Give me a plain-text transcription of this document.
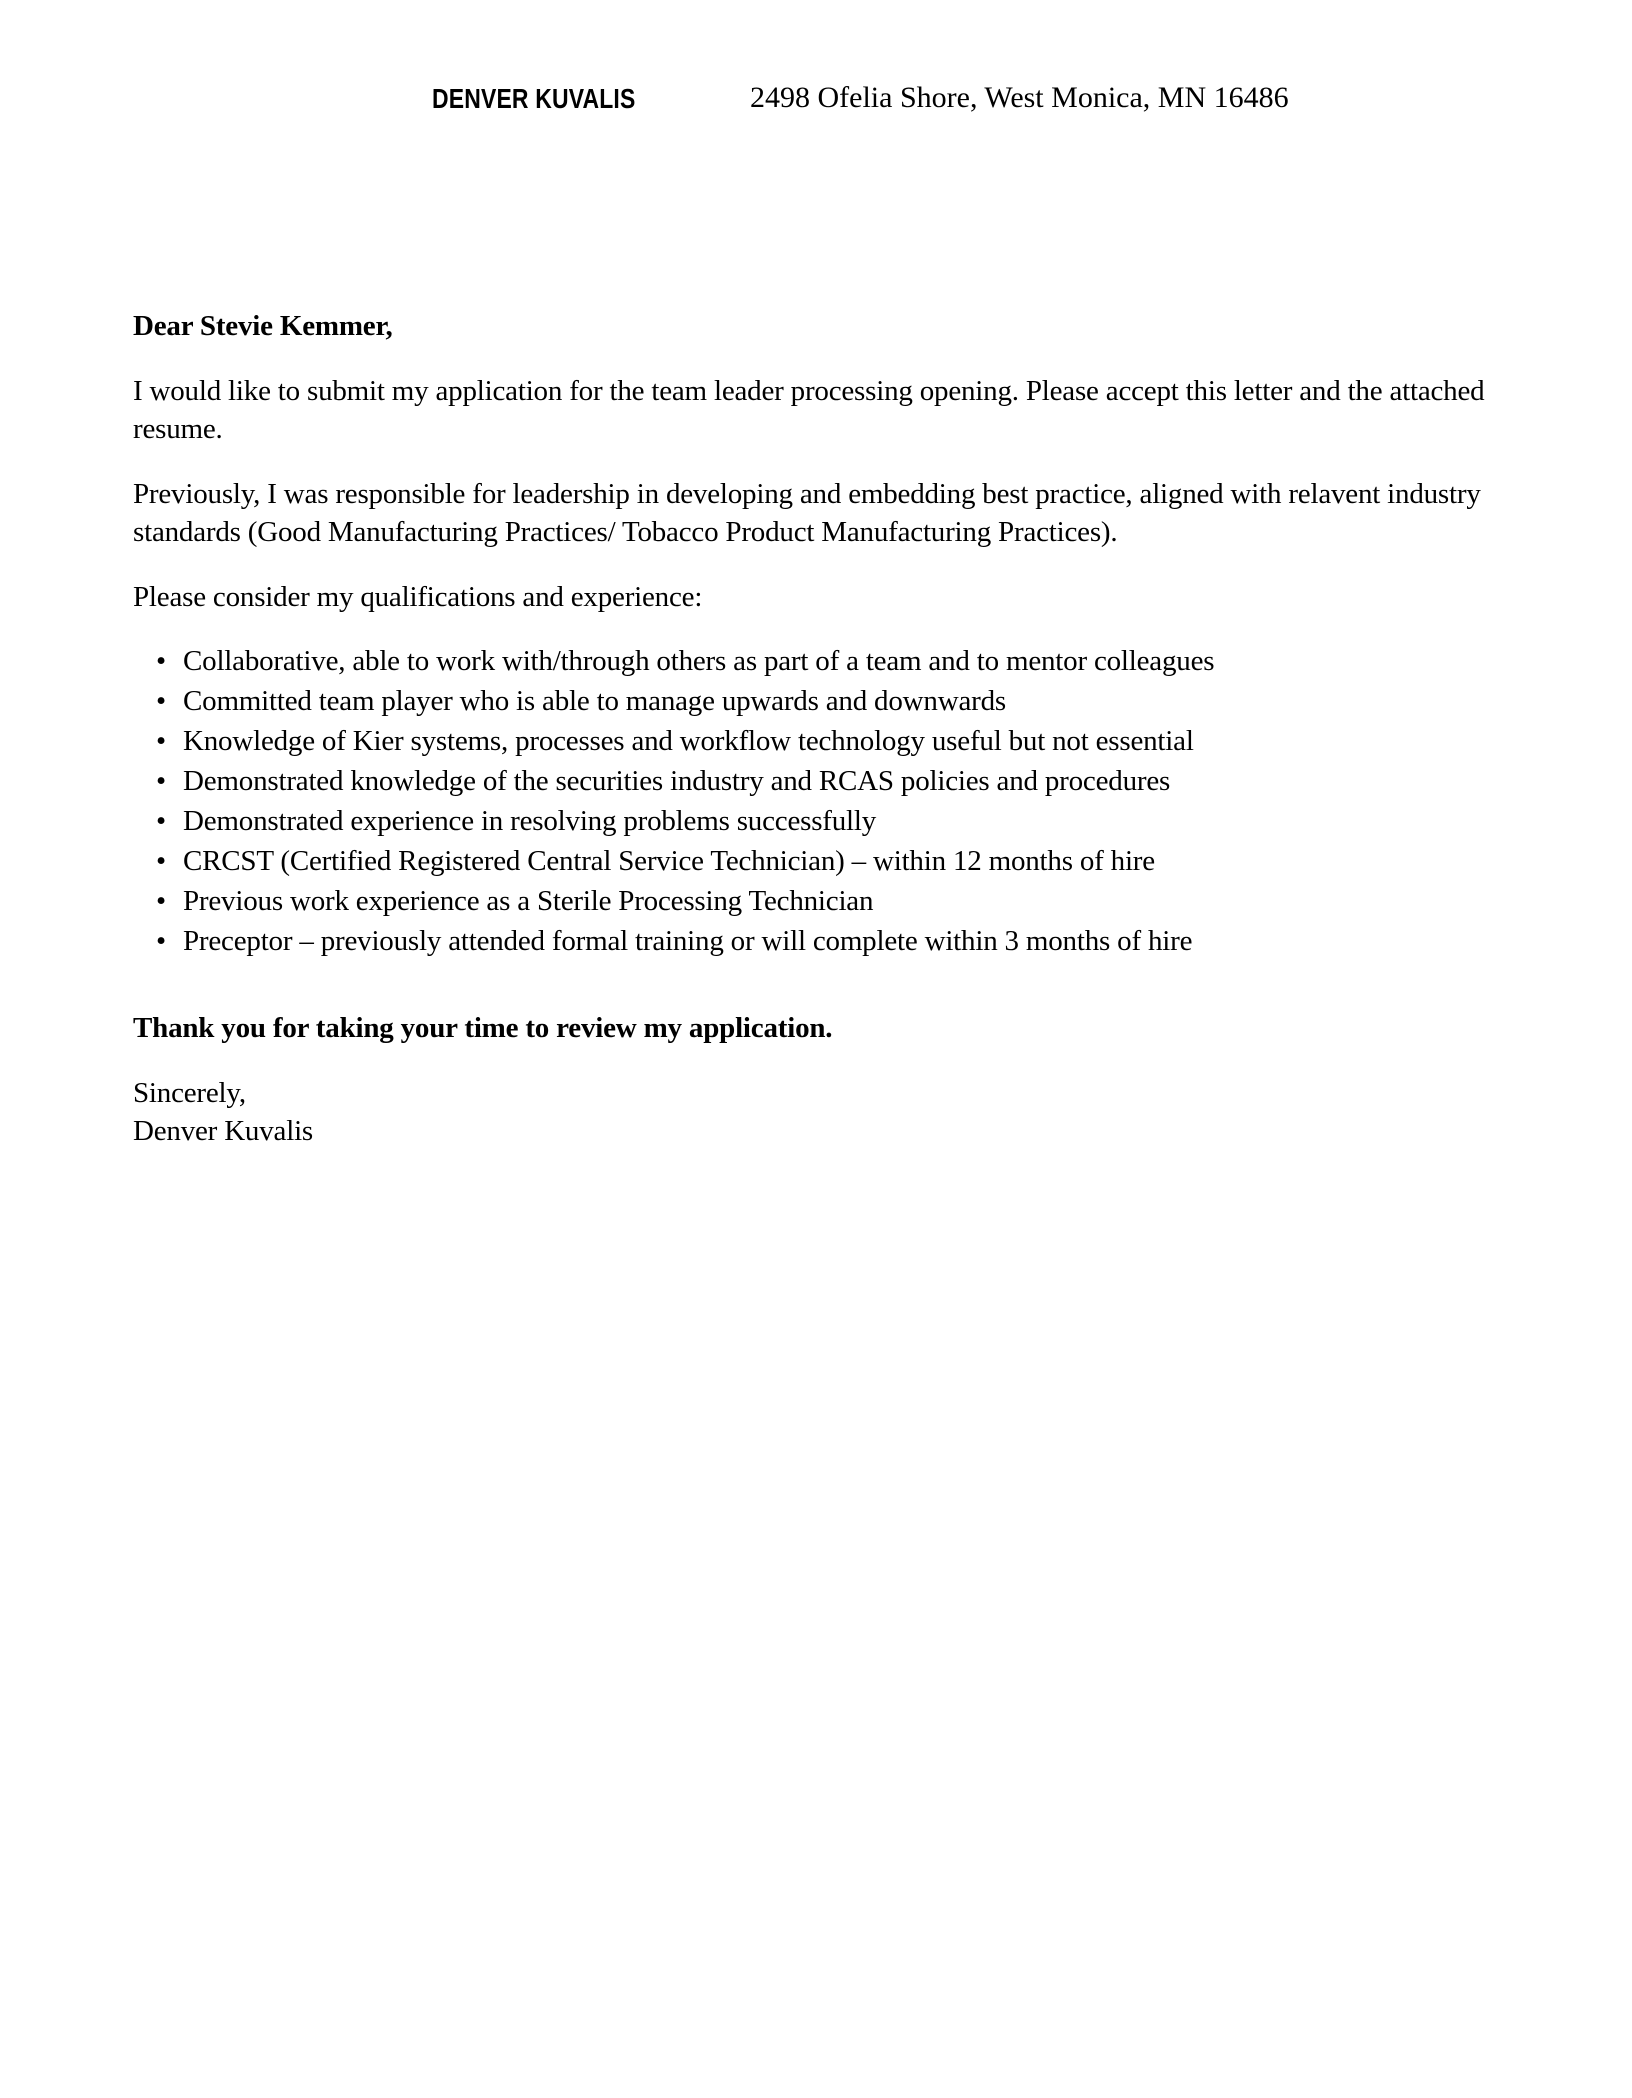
DENVER KUVALIS	2498 Ofelia Shore, West Monica, MN 16486

Dear Stevie Kemmer,

I would like to submit my application for the team leader processing opening. Please accept this letter and the attached resume.

Previously, I was responsible for leadership in developing and embedding best practice, aligned with relavent industry standards (Good Manufacturing Practices/ Tobacco Product Manufacturing Practices).

Please consider my qualifications and experience:

• Collaborative, able to work with/through others as part of a team and to mentor colleagues
• Committed team player who is able to manage upwards and downwards
• Knowledge of Kier systems, processes and workflow technology useful but not essential
• Demonstrated knowledge of the securities industry and RCAS policies and procedures
• Demonstrated experience in resolving problems successfully
• CRCST (Certified Registered Central Service Technician) – within 12 months of hire
• Previous work experience as a Sterile Processing Technician
• Preceptor – previously attended formal training or will complete within 3 months of hire

Thank you for taking your time to review my application.

Sincerely,
Denver Kuvalis
